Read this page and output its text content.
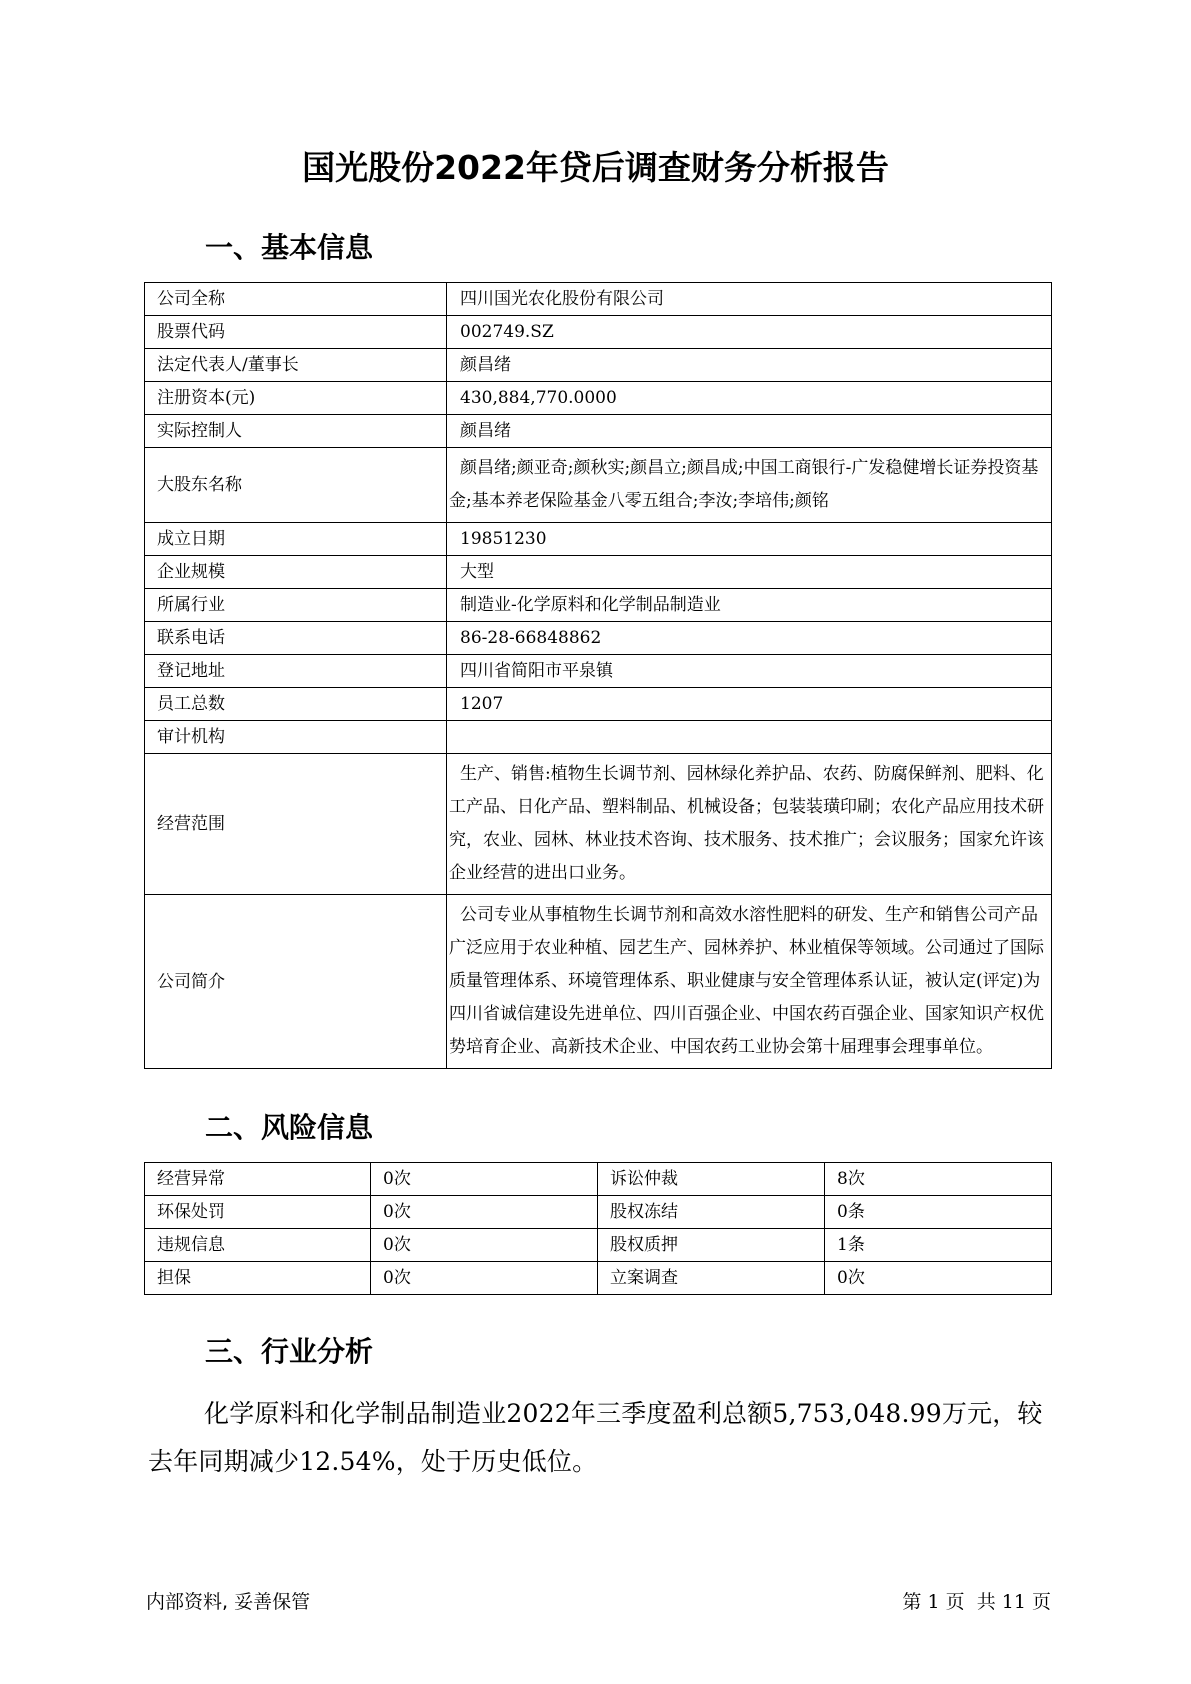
国光股份2022年贷后调查财务分析报告
一、基本信息
公司全称	四川国光农化股份有限公司
股票代码	002749.SZ
法定代表人/董事长	颜昌绪
注册资本(元)	430,884,770.0000
实际控制人	颜昌绪
大股东名称	颜昌绪;颜亚奇;颜秋实;颜昌立;颜昌成;中国工商银行-广发稳健增长证券投资基金;基本养老保险基金八零五组合;李汝;李培伟;颜铭
成立日期	19851230
企业规模	大型
所属行业	制造业-化学原料和化学制品制造业
联系电话	86-28-66848862
登记地址	四川省简阳市平泉镇
员工总数	1207
审计机构	
经营范围	生产、销售:植物生长调节剂、园林绿化养护品、农药、防腐保鲜剂、肥料、化工产品、日化产品、塑料制品、机械设备；包装装璜印刷；农化产品应用技术研究，农业、园林、林业技术咨询、技术服务、技术推广；会议服务；国家允许该企业经营的进出口业务。
公司简介	公司专业从事植物生长调节剂和高效水溶性肥料的研发、生产和销售公司产品广泛应用于农业种植、园艺生产、园林养护、林业植保等领域。公司通过了国际质量管理体系、环境管理体系、职业健康与安全管理体系认证，被认定(评定)为四川省诚信建设先进单位、四川百强企业、中国农药百强企业、国家知识产权优势培育企业、高新技术企业、中国农药工业协会第十届理事会理事单位。
二、风险信息
经营异常	0次	诉讼仲裁	8次
环保处罚	0次	股权冻结	0条
违规信息	0次	股权质押	1条
担保	0次	立案调查	0次
三、行业分析

化学原料和化学制品制造业2022年三季度盈利总额5,753,048.99万元，较去年同期减少12.54%，处于历史低位。

内部资料, 妥善保管	第 1 页  共 11 页
